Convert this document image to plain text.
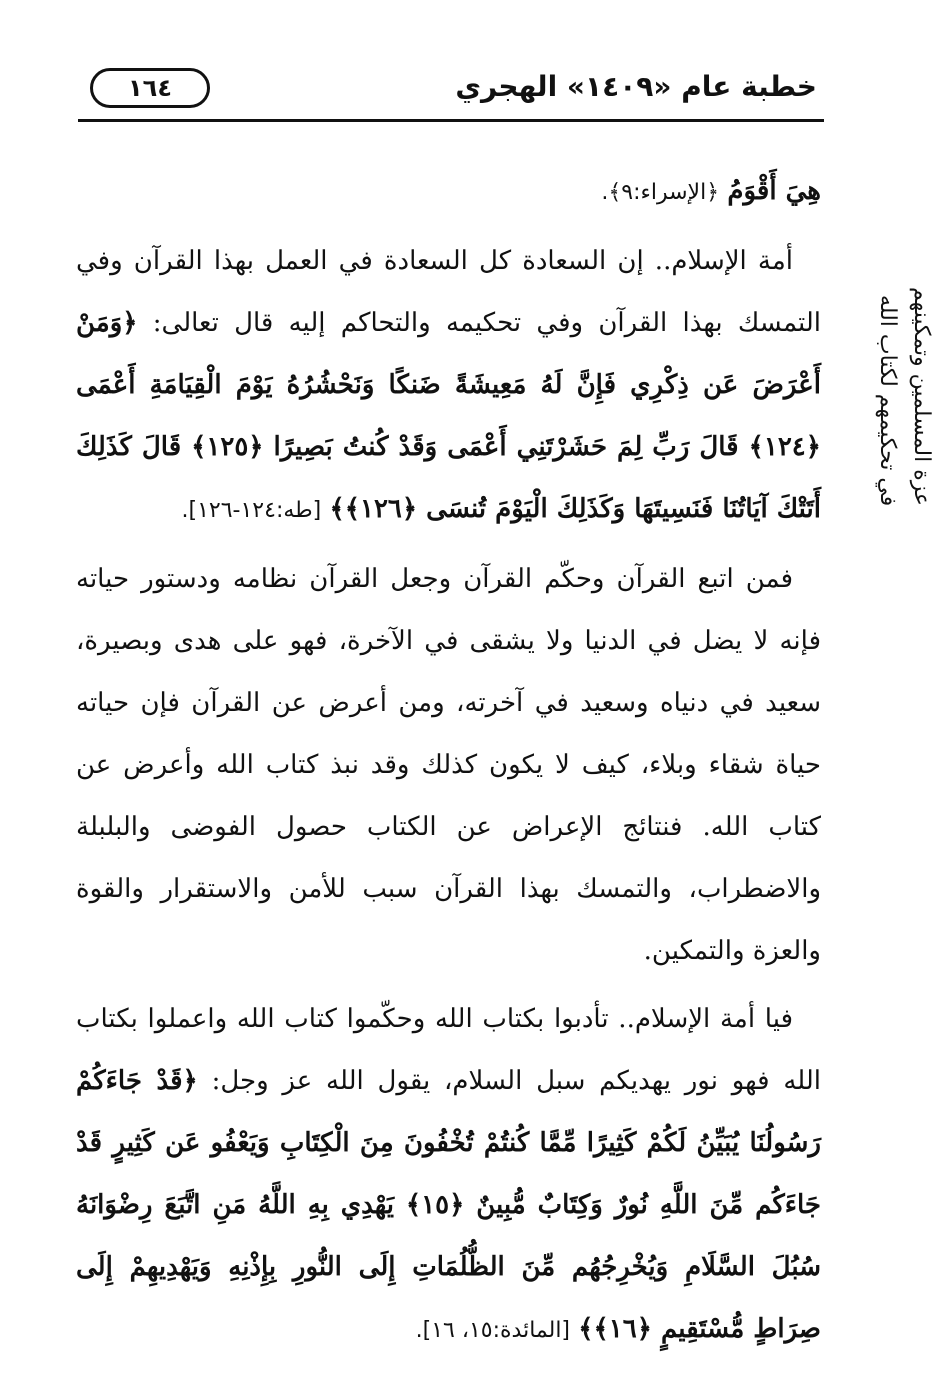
خطبة عام «١٤٠٩» الهجري
١٦٤
عزة المسلمين وتمكينهم
في تحكيمهم لكتاب الله

هِيَ أَقْوَمُ ﴿الإسراء:٩﴾.

أمة الإسلام.. إن السعادة كل السعادة في العمل بهذا القرآن وفي التمسك بهذا القرآن وفي تحكيمه والتحاكم إليه قال تعالى: ﴿وَمَنْ أَعْرَضَ عَن ذِكْرِي فَإِنَّ لَهُ مَعِيشَةً ضَنكًا وَنَحْشُرُهُ يَوْمَ الْقِيَامَةِ أَعْمَى ﴿١٢٤﴾ قَالَ رَبِّ لِمَ حَشَرْتَنِي أَعْمَى وَقَدْ كُنتُ بَصِيرًا ﴿١٢٥﴾ قَالَ كَذَلِكَ أَتَتْكَ آيَاتُنَا فَنَسِيتَهَا وَكَذَلِكَ الْيَوْمَ تُنسَى ﴿١٢٦﴾﴾ [طه:١٢٤-١٢٦].

فمن اتبع القرآن وحكّم القرآن وجعل القرآن نظامه ودستور حياته فإنه لا يضل في الدنيا ولا يشقى في الآخرة، فهو على هدى وبصيرة، سعيد في دنياه وسعيد في آخرته، ومن أعرض عن القرآن فإن حياته حياة شقاء وبلاء، كيف لا يكون كذلك وقد نبذ كتاب الله وأعرض عن كتاب الله. فنتائج الإعراض عن الكتاب حصول الفوضى والبلبلة والاضطراب، والتمسك بهذا القرآن سبب للأمن والاستقرار والقوة والعزة والتمكين.

فيا أمة الإسلام.. تأدبوا بكتاب الله وحكّموا كتاب الله واعملوا بكتاب الله فهو نور يهديكم سبل السلام، يقول الله عز وجل: ﴿قَدْ جَاءَكُمْ رَسُولُنَا يُبَيِّنُ لَكُمْ كَثِيرًا مِّمَّا كُنتُمْ تُخْفُونَ مِنَ الْكِتَابِ وَيَعْفُو عَن كَثِيرٍ قَدْ جَاءَكُم مِّنَ اللَّهِ نُورٌ وَكِتَابٌ مُّبِينٌ ﴿١٥﴾ يَهْدِي بِهِ اللَّهُ مَنِ اتَّبَعَ رِضْوَانَهُ سُبُلَ السَّلَامِ وَيُخْرِجُهُم مِّنَ الظُّلُمَاتِ إِلَى النُّورِ بِإِذْنِهِ وَيَهْدِيهِمْ إِلَى صِرَاطٍ مُّسْتَقِيمٍ ﴿١٦﴾﴾ [المائدة:١٥، ١٦].
